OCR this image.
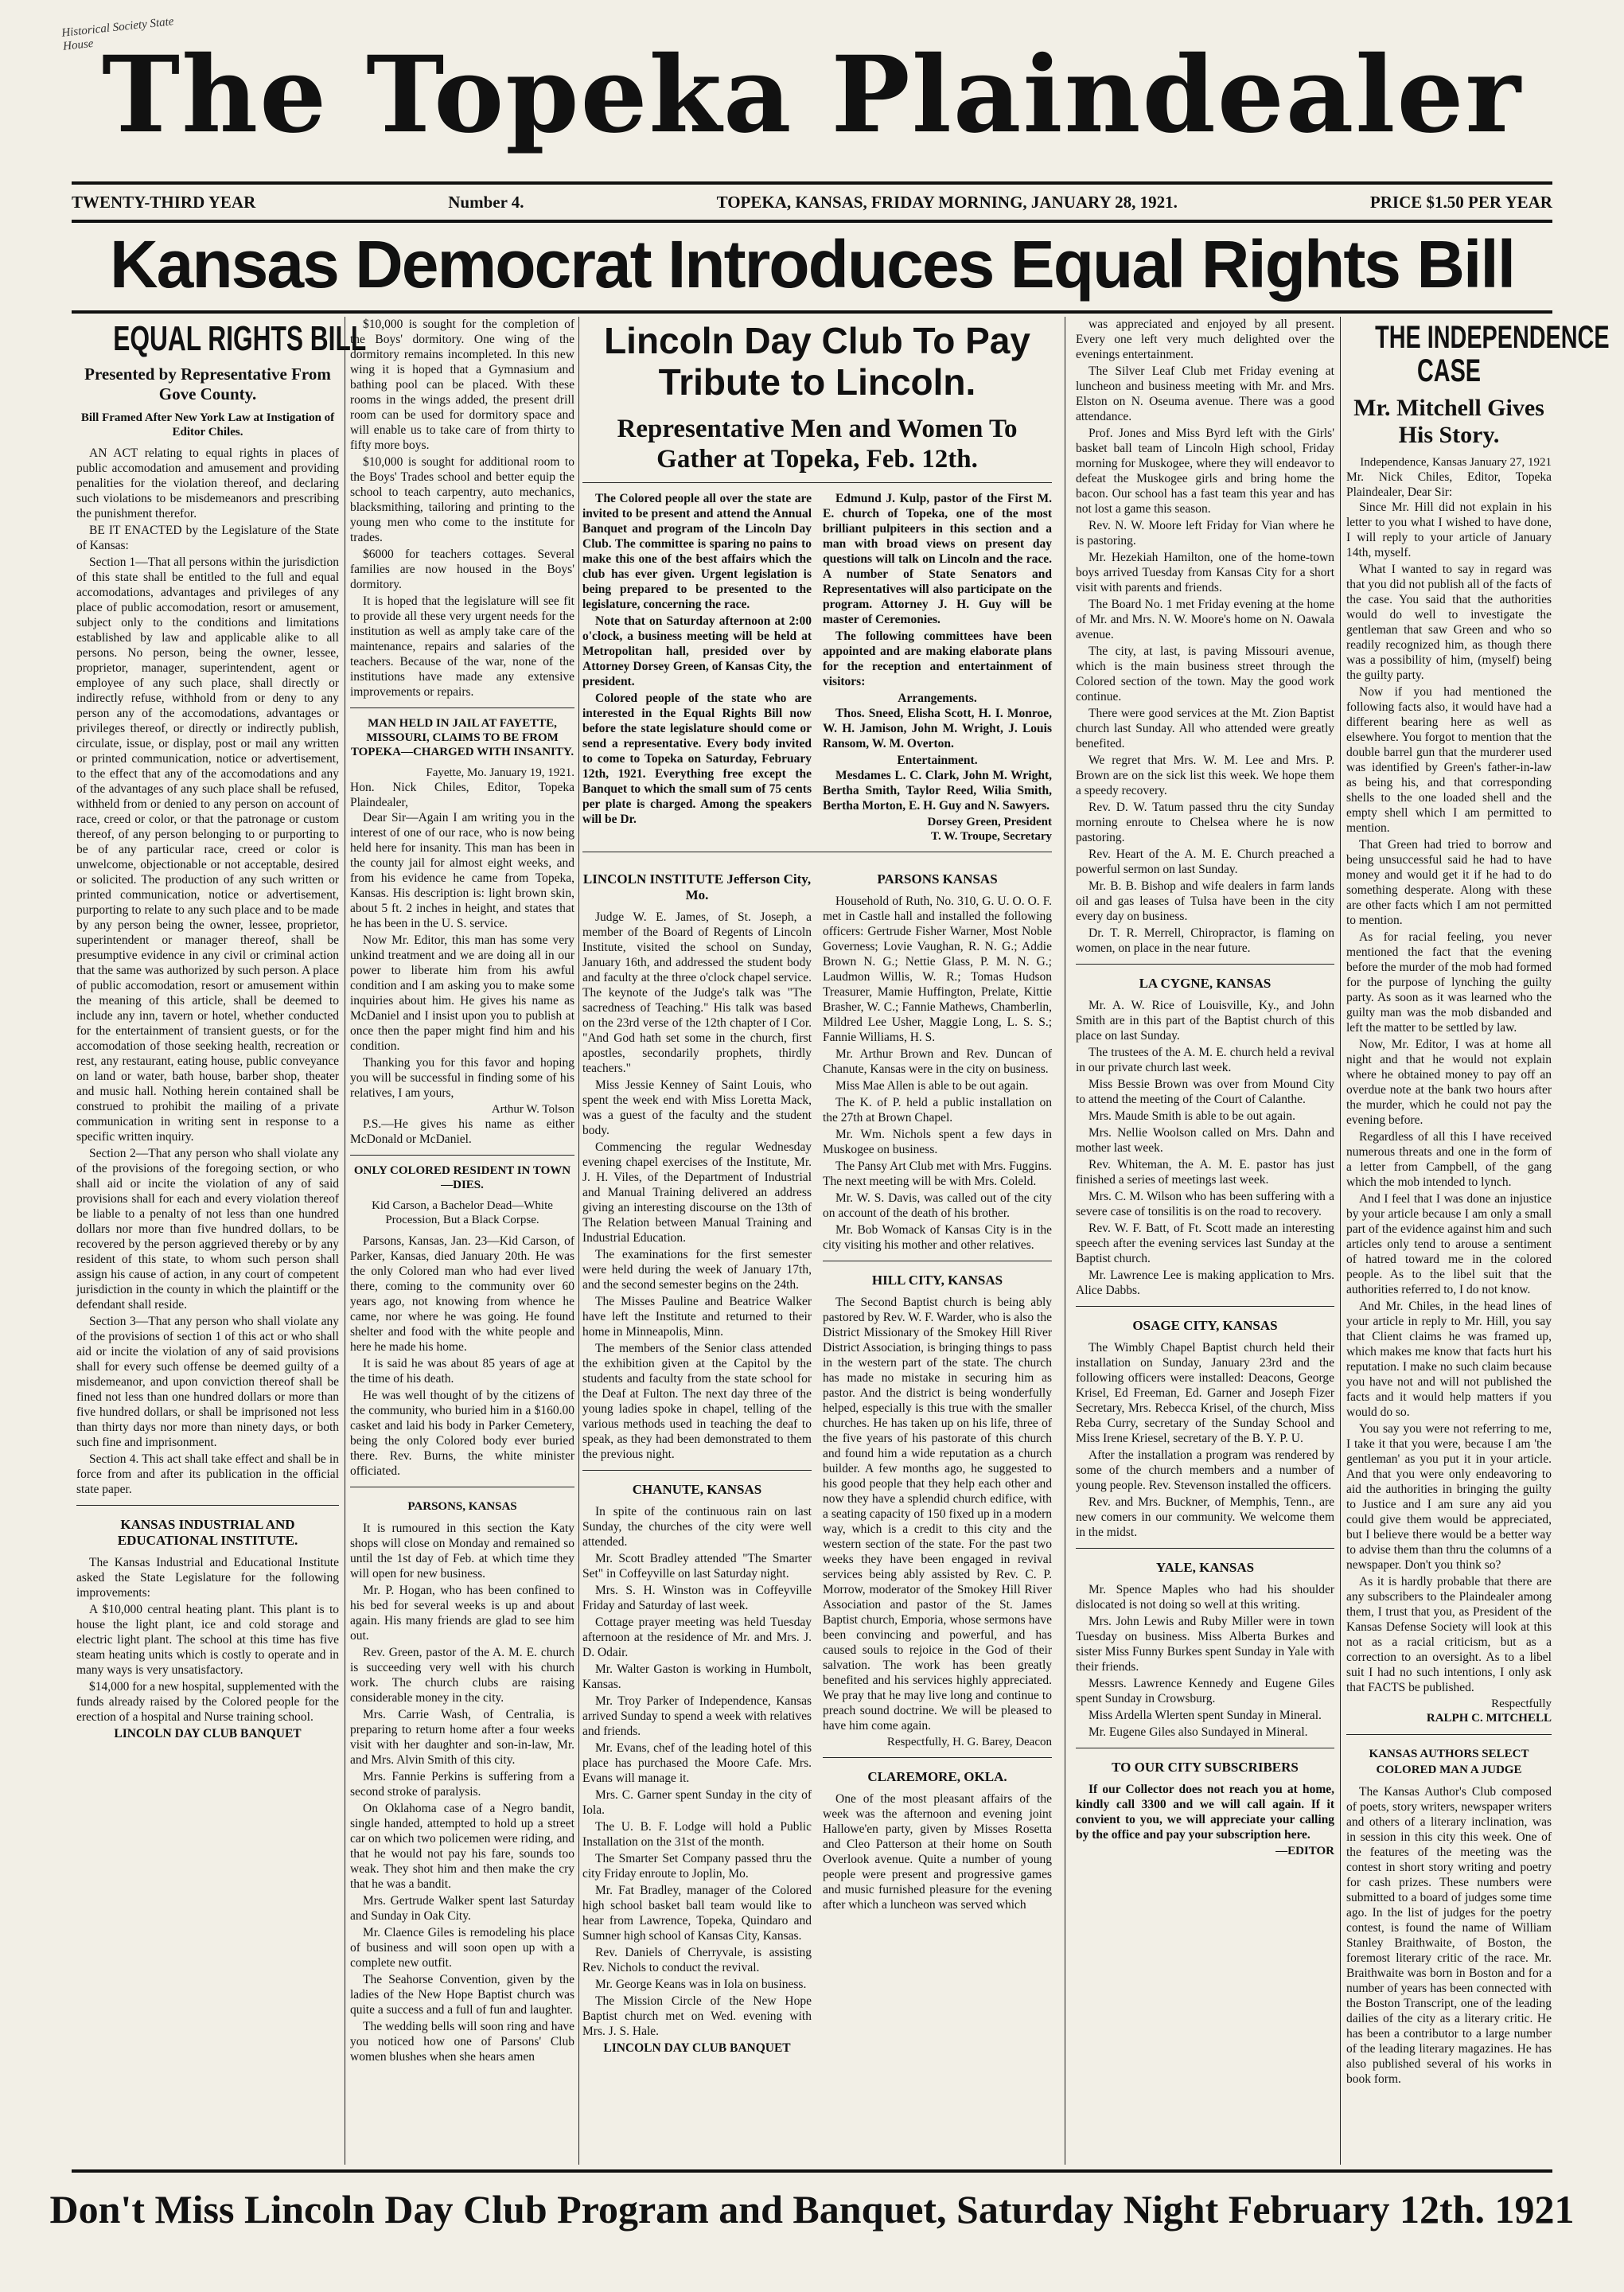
Historical Society State House The Topeka Plaindealer
TWENTY-THIRD YEAR	Number 4.	TOPEKA, KANSAS, FRIDAY MORNING, JANUARY 28, 1921.	PRICE $1.50 PER YEAR
Kansas Democrat Introduces Equal Rights Bill
EQUAL RIGHTS BILL
Presented by Representative From Gove County.
Bill Framed After New York Law at Instigation of Editor Chiles.

AN ACT relating to equal rights in places of public accomodation and amusement and providing penalities for the violation thereof, and declaring such violations to be misdemeanors and prescribing the punishment therefor.

BE IT ENACTED by the Legislature of the State of Kansas:

Section 1—That all persons within the jurisdiction of this state shall be entitled to the full and equal accomodations, advantages and privileges of any place of public accomodation, resort or amusement, subject only to the conditions and limitations established by law and applicable alike to all persons. No person, being the owner, lessee, proprietor, manager, superintendent, agent or employee of any such place, shall directly or indirectly refuse, withhold from or deny to any person any of the accomodations, advantages or privileges thereof, or directly or indirectly publish, circulate, issue, or display, post or mail any written or printed communication, notice or advertisement, to the effect that any of the accomodations and any of the advantages of any such place shall be refused, withheld from or denied to any person on account of race, creed or color, or that the patronage or custom thereof, of any person belonging to or purporting to be of any particular race, creed or color is unwelcome, objectionable or not acceptable, desired or solicited. The production of any such written or printed communication, notice or advertisement, purporting to relate to any such place and to be made by any person being the owner, lessee, proprietor, superintendent or manager thereof, shall be presumptive evidence in any civil or criminal action that the same was authorized by such person. A place of public accomodation, resort or amusement within the meaning of this article, shall be deemed to include any inn, tavern or hotel, whether conducted for the entertainment of transient guests, or for the accomodation of those seeking health, recreation or rest, any restaurant, eating house, public conveyance on land or water, bath house, barber shop, theater and music hall. Nothing herein contained shall be construed to prohibit the mailing of a private communication in writing sent in response to a specific written inquiry.

Section 2—That any person who shall violate any of the provisions of the foregoing section, or who shall aid or incite the violation of any of said provisions shall for each and every violation thereof be liable to a penalty of not less than one hundred dollars nor more than five hundred dollars, to be recovered by the person aggrieved thereby or by any resident of this state, to whom such person shall assign his cause of action, in any court of competent jurisdiction in the county in which the plaintiff or the defendant shall reside.

Section 3—That any person who shall violate any of the provisions of section 1 of this act or who shall aid or incite the violation of any of said provisions shall for every such offense be deemed guilty of a misdemeanor, and upon conviction thereof shall be fined not less than one hundred dollars or more than five hundred dollars, or shall be imprisoned not less than thirty days nor more than ninety days, or both such fine and imprisonment.

Section 4. This act shall take effect and shall be in force from and after its publication in the official state paper.

KANSAS INDUSTRIAL AND EDUCATIONAL INSTITUTE.

The Kansas Industrial and Educational Institute asked the State Legislature for the following improvements:

A $10,000 central heating plant. This plant is to house the light plant, ice and cold storage and electric light plant. The school at this time has five steam heating units which is costly to operate and in many ways is very unsatisfactory.

$14,000 for a new hospital, supplemented with the funds already raised by the Colored people for the erection of a hospital and Nurse training school.

LINCOLN DAY CLUB BANQUET

$10,000 is sought for the completion of the Boys' dormitory. One wing of the dormitory remains incompleted. In this new wing it is hoped that a Gymnasium and bathing pool can be placed. With these rooms in the wings added, the present drill room can be used for dormitory space and will enable us to take care of from thirty to fifty more boys.

$10,000 is sought for additional room to the Boys' Trades school and better equip the school to teach carpentry, auto mechanics, blacksmithing, tailoring and printing to the young men who come to the institute for trades.

$6000 for teachers cottages. Several families are now housed in the Boys' dormitory.

It is hoped that the legislature will see fit to provide all these very urgent needs for the institution as well as amply take care of the maintenance, repairs and salaries of the teachers. Because of the war, none of the institutions have made any extensive improvements or repairs.

MAN HELD IN JAIL AT FAYETTE, MISSOURI, CLAIMS TO BE FROM TOPEKA—CHARGED WITH INSANITY.
Fayette, Mo. January 19, 1921.
Hon. Nick Chiles, Editor, Topeka Plaindealer,

Dear Sir—Again I am writing you in the interest of one of our race, who is now being held here for insanity. This man has been in the county jail for almost eight weeks, and from his evidence he came from Topeka, Kansas. His description is: light brown skin, about 5 ft. 2 inches in height, and states that he has been in the U. S. service.

Now Mr. Editor, this man has some very unkind treatment and we are doing all in our power to liberate him from his awful condition and I am asking you to make some inquiries about him. He gives his name as McDaniel and I insist upon you to publish at once then the paper might find him and his condition.

Thanking you for this favor and hoping you will be successful in finding some of his relatives, I am yours,

Arthur W. Tolson

P.S.—He gives his name as either McDonald or McDaniel.

ONLY COLORED RESIDENT IN TOWN—DIES.
Kid Carson, a Bachelor Dead—White Procession, But a Black Corpse.

Parsons, Kansas, Jan. 23—Kid Carson, of Parker, Kansas, died January 20th. He was the only Colored man who had ever lived there, coming to the community over 60 years ago, not knowing from whence he came, nor where he was going. He found shelter and food with the white people and here he made his home.

It is said he was about 85 years of age at the time of his death.

He was well thought of by the citizens of the community, who buried him in a $160.00 casket and laid his body in Parker Cemetery, being the only Colored body ever buried there. Rev. Burns, the white minister officiated.

PARSONS, KANSAS

It is rumoured in this section the Katy shops will close on Monday and remained so until the 1st day of Feb. at which time they will open for new business.

Mr. P. Hogan, who has been confined to his bed for several weeks is up and about again. His many friends are glad to see him out.

Rev. Green, pastor of the A. M. E. church is succeeding very well with his church work. The church clubs are raising considerable money in the city.

Mrs. Carrie Wash, of Centralia, is preparing to return home after a four weeks visit with her daughter and son-in-law, Mr. and Mrs. Alvin Smith of this city.

Mrs. Fannie Perkins is suffering from a second stroke of paralysis.

On Oklahoma case of a Negro bandit, single handed, attempted to hold up a street car on which two policemen were riding, and that he would not pay his fare, sounds too weak. They shot him and then make the cry that he was a bandit.

Mrs. Gertrude Walker spent last Saturday and Sunday in Oak City.

Mr. Claence Giles is remodeling his place of business and will soon open up with a complete new outfit.

The Seahorse Convention, given by the ladies of the New Hope Baptist church was quite a success and a full of fun and laughter.

The wedding bells will soon ring and have you noticed how one of Parsons' Club women blushes when she hears amen

Lincoln Day Club To Pay Tribute to Lincoln.
Representative Men and Women To Gather at Topeka, Feb. 12th.

The Colored people all over the state are invited to be present and attend the Annual Banquet and program of the Lincoln Day Club. The committee is sparing no pains to make this one of the best affairs which the club has ever given. Urgent legislation is being prepared to be presented to the legislature, concerning the race.

Note that on Saturday afternoon at 2:00 o'clock, a business meeting will be held at Metropolitan hall, presided over by Attorney Dorsey Green, of Kansas City, the president.

Colored people of the state who are interested in the Equal Rights Bill now before the state legislature should come or send a representative. Every body invited to come to Topeka on Saturday, February 12th, 1921. Everything free except the Banquet to which the small sum of 75 cents per plate is charged. Among the speakers will be Dr.

Edmund J. Kulp, pastor of the First M. E. church of Topeka, one of the most brilliant pulpiteers in this section and a man with broad views on present day questions will talk on Lincoln and the race. A number of State Senators and Representatives will also participate on the program. Attorney J. H. Guy will be master of Ceremonies.

The following committees have been appointed and are making elaborate plans for the reception and entertainment of visitors:

Arrangements.

Thos. Sneed, Elisha Scott, H. I. Monroe, W. H. Jamison, John M. Wright, J. Louis Ransom, W. M. Overton.

Entertainment.

Mesdames L. C. Clark, John M. Wright, Bertha Smith, Taylor Reed, Wilia Smith, Bertha Morton, E. H. Guy and N. Sawyers.

Dorsey Green, President
T. W. Troupe, Secretary
LINCOLN INSTITUTE Jefferson City, Mo.

Judge W. E. James, of St. Joseph, a member of the Board of Regents of Lincoln Institute, visited the school on Sunday, January 16th, and addressed the student body and faculty at the three o'clock chapel service. The keynote of the Judge's talk was "The sacredness of Teaching." His talk was based on the 23rd verse of the 12th chapter of I Cor. "And God hath set some in the church, first apostles, secondarily prophets, thirdly teachers."

Miss Jessie Kenney of Saint Louis, who spent the week end with Miss Loretta Mack, was a guest of the faculty and the student body.

Commencing the regular Wednesday evening chapel exercises of the Institute, Mr. J. H. Viles, of the Department of Industrial and Manual Training delivered an address giving an interesting discourse on the 13th of The Relation between Manual Training and Industrial Education.

The examinations for the first semester were held during the week of January 17th, and the second semester begins on the 24th.

The Misses Pauline and Beatrice Walker have left the Institute and returned to their home in Minneapolis, Minn.

The members of the Senior class attended the exhibition given at the Capitol by the students and faculty from the state school for the Deaf at Fulton. The next day three of the young ladies spoke in chapel, telling of the various methods used in teaching the deaf to speak, as they had been demonstrated to them the previous night.

CHANUTE, KANSAS

In spite of the continuous rain on last Sunday, the churches of the city were well attended.

Mr. Scott Bradley attended "The Smarter Set" in Coffeyville on last Saturday night.

Mrs. S. H. Winston was in Coffeyville Friday and Saturday of last week.

Cottage prayer meeting was held Tuesday afternoon at the residence of Mr. and Mrs. J. D. Odair.

Mr. Walter Gaston is working in Humbolt, Kansas.

Mr. Troy Parker of Independence, Kansas arrived Sunday to spend a week with relatives and friends.

Mr. Evans, chef of the leading hotel of this place has purchased the Moore Cafe. Mrs. Evans will manage it.

Mrs. C. Garner spent Sunday in the city of Iola.

The U. B. F. Lodge will hold a Public Installation on the 31st of the month.

The Smarter Set Company passed thru the city Friday enroute to Joplin, Mo.

Mr. Fat Bradley, manager of the Colored high school basket ball team would like to hear from Lawrence, Topeka, Quindaro and Sumner high school of Kansas City, Kansas.

Rev. Daniels of Cherryvale, is assisting Rev. Nichols to conduct the revival.

Mr. George Keans was in Iola on business.

The Mission Circle of the New Hope Baptist church met on Wed. evening with Mrs. J. S. Hale.

LINCOLN DAY CLUB BANQUET
PARSONS KANSAS

Household of Ruth, No. 310, G. U. O. O. F. met in Castle hall and installed the following officers: Gertrude Fisher Warner, Most Noble Governess; Lovie Vaughan, R. N. G.; Addie Brown N. G.; Nettie Glass, P. M. N. G.; Laudmon Willis, W. R.; Tomas Hudson Treasurer, Mamie Huffington, Prelate, Kittie Brasher, W. C.; Fannie Mathews, Chamberlin, Mildred Lee Usher, Maggie Long, L. S. S.; Fannie Williams, H. S.

Mr. Arthur Brown and Rev. Duncan of Chanute, Kansas were in the city on business.

Miss Mae Allen is able to be out again.

The K. of P. held a public installation on the 27th at Brown Chapel.

Mr. Wm. Nichols spent a few days in Muskogee on business.

The Pansy Art Club met with Mrs. Fuggins. The next meeting will be with Mrs. Coleld.

Mr. W. S. Davis, was called out of the city on account of the death of his brother.

Mr. Bob Womack of Kansas City is in the city visiting his mother and other relatives.

HILL CITY, KANSAS

The Second Baptist church is being ably pastored by Rev. W. F. Warder, who is also the District Missionary of the Smokey Hill River District Association, is bringing things to pass in the western part of the state. The church has made no mistake in securing him as pastor. And the district is being wonderfully helped, especially is this true with the smaller churches. He has taken up on his life, three of the five years of his pastorate of this church and found him a wide reputation as a church builder. A few months ago, he suggested to his good people that they help each other and now they have a splendid church edifice, with a seating capacity of 150 fixed up in a modern way, which is a credit to this city and the western section of the state. For the past two weeks they have been engaged in revival services being ably assisted by Rev. C. P. Morrow, moderator of the Smokey Hill River Association and pastor of the St. James Baptist church, Emporia, whose sermons have been convincing and powerful, and has caused souls to rejoice in the God of their salvation. The work has been greatly benefited and his services highly appreciated. We pray that he may live long and continue to preach sound doctrine. We will be pleased to have him come again.

Respectfully, H. G. Barey, Deacon
CLAREMORE, OKLA.

One of the most pleasant affairs of the week was the afternoon and evening joint Hallowe'en party, given by Misses Rosetta and Cleo Patterson at their home on South Overlook avenue. Quite a number of young people were present and progressive games and music furnished pleasure for the evening after which a luncheon was served which

was appreciated and enjoyed by all present. Every one left very much delighted over the evenings entertainment.

The Silver Leaf Club met Friday evening at luncheon and business meeting with Mr. and Mrs. Elston on N. Oseuma avenue. There was a good attendance.

Prof. Jones and Miss Byrd left with the Girls' basket ball team of Lincoln High school, Friday morning for Muskogee, where they will endeavor to defeat the Muskogee girls and bring home the bacon. Our school has a fast team this year and has not lost a game this season.

Rev. N. W. Moore left Friday for Vian where he is pastoring.

Mr. Hezekiah Hamilton, one of the home-town boys arrived Tuesday from Kansas City for a short visit with parents and friends.

The Board No. 1 met Friday evening at the home of Mr. and Mrs. N. W. Moore's home on N. Oawala avenue.

The city, at last, is paving Missouri avenue, which is the main business street through the Colored section of the town. May the good work continue.

There were good services at the Mt. Zion Baptist church last Sunday. All who attended were greatly benefited.

We regret that Mrs. W. M. Lee and Mrs. P. Brown are on the sick list this week. We hope them a speedy recovery.

Rev. D. W. Tatum passed thru the city Sunday morning enroute to Chelsea where he is now pastoring.

Rev. Heart of the A. M. E. Church preached a powerful sermon on last Sunday.

Mr. B. B. Bishop and wife dealers in farm lands oil and gas leases of Tulsa have been in the city every day on business.

Dr. T. R. Merrell, Chiropractor, is flaming on women, on place in the near future.

LA CYGNE, KANSAS

Mr. A. W. Rice of Louisville, Ky., and John Smith are in this part of the Baptist church of this place on last Sunday.

The trustees of the A. M. E. church held a revival in our private church last week.

Miss Bessie Brown was over from Mound City to attend the meeting of the Court of Calanthe.

Mrs. Maude Smith is able to be out again.

Mrs. Nellie Woolson called on Mrs. Dahn and mother last week.

Rev. Whiteman, the A. M. E. pastor has just finished a series of meetings last week.

Mrs. C. M. Wilson who has been suffering with a severe case of tonsilitis is on the road to recovery.

Rev. W. F. Batt, of Ft. Scott made an interesting speech after the evening services last Sunday at the Baptist church.

Mr. Lawrence Lee is making application to Mrs. Alice Dabbs.

OSAGE CITY, KANSAS

The Wimbly Chapel Baptist church held their installation on Sunday, January 23rd and the following officers were installed: Deacons, George Krisel, Ed Freeman, Ed. Garner and Joseph Fizer Secretary, Mrs. Rebecca Krisel, of the church, Miss Reba Curry, secretary of the Sunday School and Miss Irene Kriesel, secretary of the B. Y. P. U.

After the installation a program was rendered by some of the church members and a number of young people. Rev. Stevenson installed the officers.

Rev. and Mrs. Buckner, of Memphis, Tenn., are new comers in our community. We welcome them in the midst.

YALE, KANSAS

Mr. Spence Maples who had his shoulder dislocated is not doing so well at this writing.

Mrs. John Lewis and Ruby Miller were in town Tuesday on business. Miss Alberta Burkes and sister Miss Funny Burkes spent Sunday in Yale with their friends.

Messrs. Lawrence Kennedy and Eugene Giles spent Sunday in Crowsburg.

Miss Ardella Wlerten spent Sunday in Mineral.

Mr. Eugene Giles also Sundayed in Mineral.

TO OUR CITY SUBSCRIBERS

If our Collector does not reach you at home, kindly call 3300 and we will call again. If it convient to you, we will appreciate your calling by the office and pay your subscription here.

—EDITOR
THE INDEPENDENCE
CASE
Mr. Mitchell Gives His Story.
Independence, Kansas January 27, 1921
Mr. Nick Chiles, Editor, Topeka Plaindealer, Dear Sir:

Since Mr. Hill did not explain in his letter to you what I wished to have done, I will reply to your article of January 14th, myself.

What I wanted to say in regard was that you did not publish all of the facts of the case. You said that the authorities would do well to investigate the gentleman that saw Green and who so readily recognized him, as though there was a possibility of him, (myself) being the guilty party.

Now if you had mentioned the following facts also, it would have had a different bearing here as well as elsewhere. You forgot to mention that the double barrel gun that the murderer used was identified by Green's father-in-law as being his, and that corresponding shells to the one loaded shell and the empty shell which I am permitted to mention.

That Green had tried to borrow and being unsuccessful said he had to have money and would get it if he had to do something desperate. Along with these are other facts which I am not permitted to mention.

As for racial feeling, you never mentioned the fact that the evening before the murder of the mob had formed for the purpose of lynching the guilty party. As soon as it was learned who the guilty man was the mob disbanded and left the matter to be settled by law.

Now, Mr. Editor, I was at home all night and that he would not explain where he obtained money to pay off an overdue note at the bank two hours after the murder, which he could not pay the evening before.

Regardless of all this I have received numerous threats and one in the form of a letter from Campbell, of the gang which the mob intended to lynch.

And I feel that I was done an injustice by your article because I am only a small part of the evidence against him and such articles only tend to arouse a sentiment of hatred toward me in the colored people. As to the libel suit that the authorities referred to, I do not know.

And Mr. Chiles, in the head lines of your article in reply to Mr. Hill, you say that Client claims he was framed up, which makes me know that facts hurt his reputation. I make no such claim because you have not and will not published the facts and it would help matters if you would do so.

You say you were not referring to me, I take it that you were, because I am 'the gentleman' as you put it in your article. And that you were only endeavoring to aid the authorities in bringing the guilty to Justice and I am sure any aid you could give them would be appreciated, but I believe there would be a better way to advise them than thru the columns of a newspaper. Don't you think so?

As it is hardly probable that there are any subscribers to the Plaindealer among them, I trust that you, as President of the Kansas Defense Society will look at this not as a racial criticism, but as a correction to an oversight. As to a libel suit I had no such intentions, I only ask that FACTS be published.

Respectfully
RALPH C. MITCHELL
KANSAS AUTHORS SELECT COLORED MAN A JUDGE

The Kansas Author's Club composed of poets, story writers, newspaper writers and others of a literary inclination, was in session in this city this week. One of the features of the meeting was the contest in short story writing and poetry for cash prizes. These numbers were submitted to a board of judges some time ago. In the list of judges for the poetry contest, is found the name of William Stanley Braithwaite, of Boston, the foremost literary critic of the race. Mr. Braithwaite was born in Boston and for a number of years has been connected with the Boston Transcript, one of the leading dailies of the city as a literary critic. He has been a contributor to a large number of the leading literary magazines. He has also published several of his works in book form.

Don't Miss Lincoln Day Club Program and Banquet, Saturday Night February 12th. 1921
